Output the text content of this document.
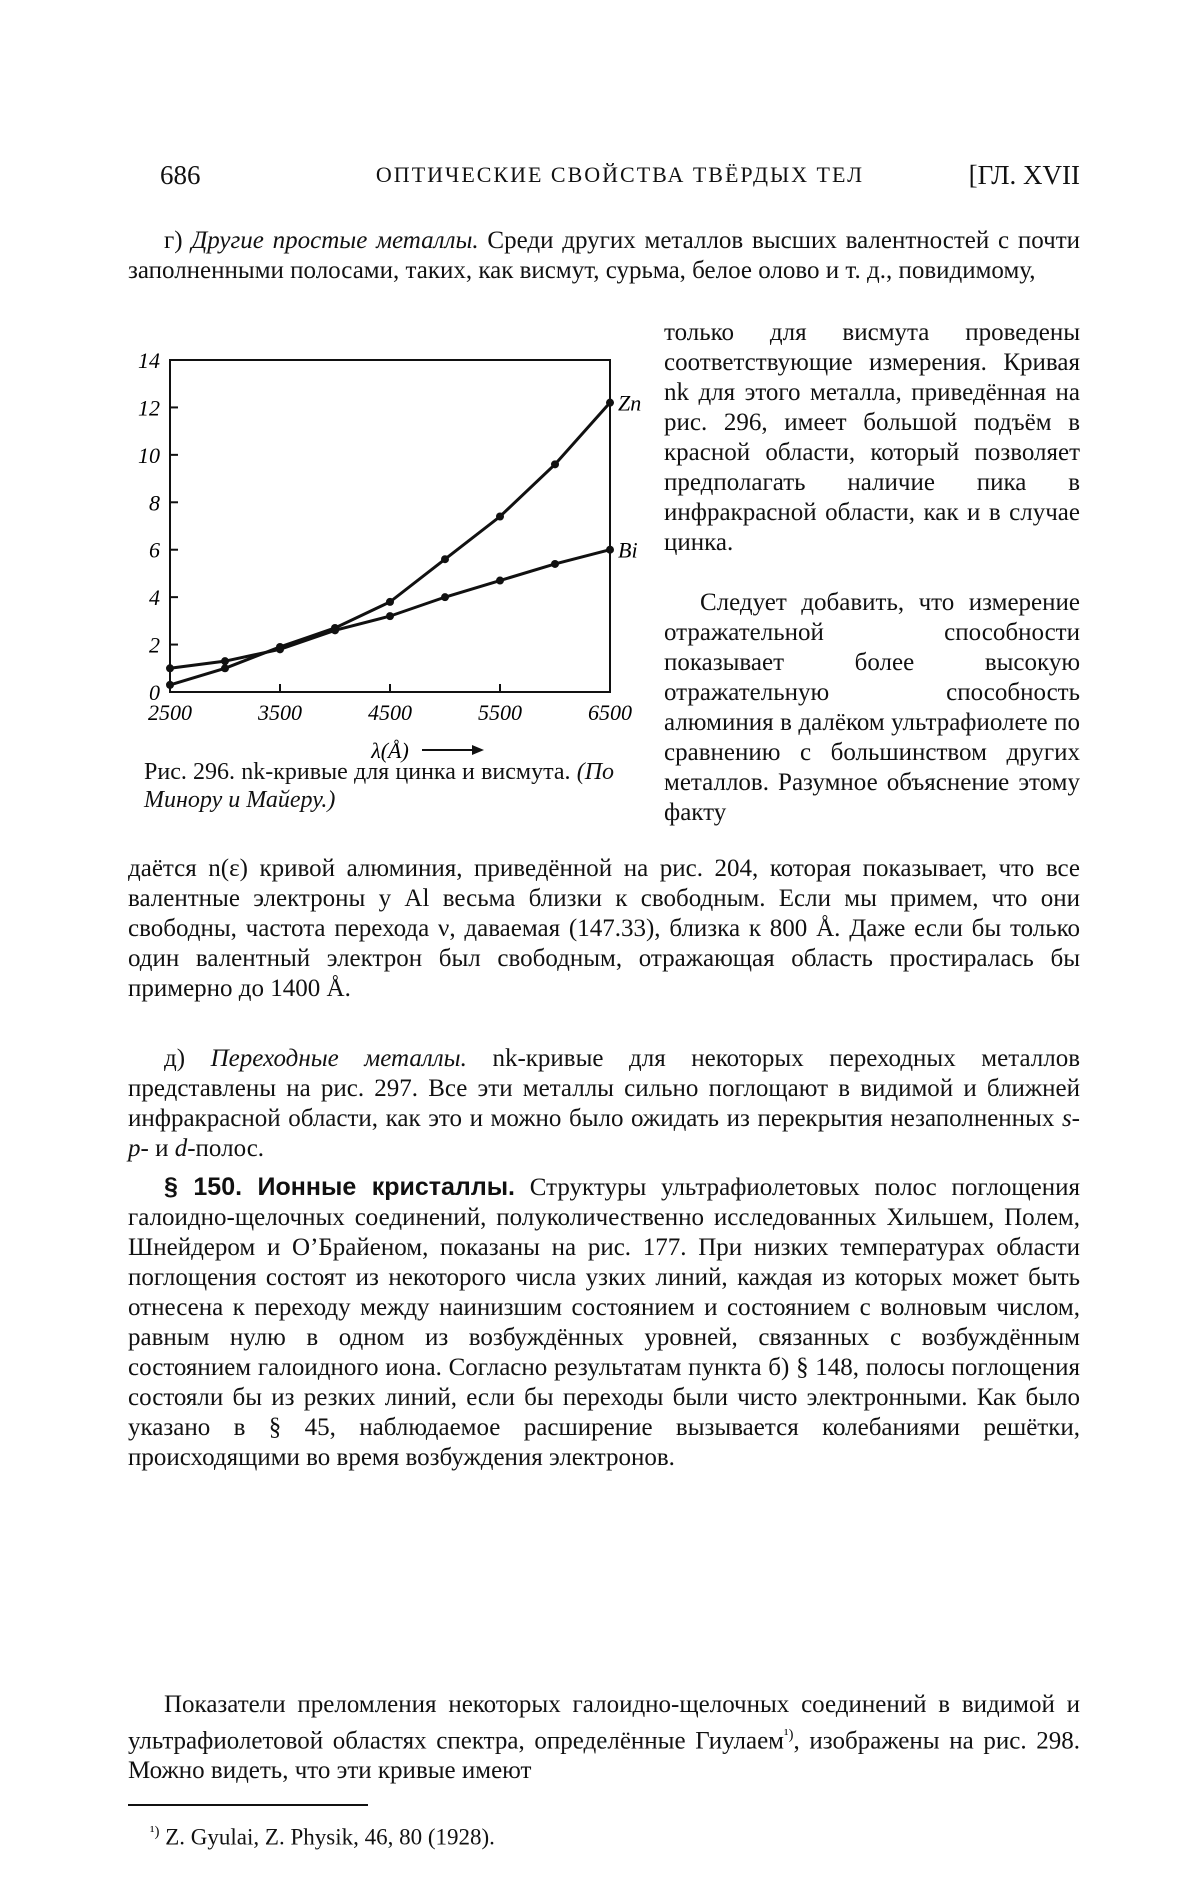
686	ОПТИЧЕСКИЕ СВОЙСТВА ТВЁРДЫХ ТЕЛ	[ГЛ. XVII
г) Другие простые металлы. Среди других металлов высших валентностей с почти заполненными полосами, таких, как висмут, сурьма, белое олово и т. д., повидимому,
только для висмута проведены соответствующие измерения. Кривая nk для этого металла, приведённая на рис. 296, имеет большой подъём в красной области, который позволяет предполагать наличие пика в инфракрасной области, как и в случае цинка.
Следует добавить, что измерение отражательной способности показывает более высокую отражательную способность алюминия в далёком ультрафиолете по сравнению с большинством других металлов. Разумное объяснение этому факту
0
2
4
6
8
10
12
14
2500	3500	4500	5500	6500
λ(Å)
Zn
Bi
Рис. 296. nk-кривые для цинка и висмута. (По Минору и Майеру.)
даётся n(ε) кривой алюминия, приведённой на рис. 204, которая показывает, что все валентные электроны у Al весьма близки к свободным. Если мы примем, что они свободны, частота перехода ν, даваемая (147.33), близка к 800 Å. Даже если бы только один валентный электрон был свободным, отражающая область простиралась бы примерно до 1400 Å.
д) Переходные металлы. nk-кривые для некоторых переходных металлов представлены на рис. 297. Все эти металлы сильно поглощают в видимой и ближней инфракрасной области, как это и можно было ожидать из перекрытия незаполненных s-p- и d-полос.
§ 150. Ионные кристаллы. Структуры ультрафиолетовых полос поглощения галоидно-щелочных соединений, полуколичественно исследованных Хильшем, Полем, Шнейдером и О’Брайеном, показаны на рис. 177. При низких температурах области поглощения состоят из некоторого числа узких линий, каждая из которых может быть отнесена к переходу между наинизшим состоянием и состоянием с волновым числом, равным нулю в одном из возбуждённых уровней, связанных с возбуждённым состоянием галоидного иона. Согласно результатам пункта б) § 148, полосы поглощения состояли бы из резких линий, если бы переходы были чисто электронными. Как было указано в § 45, наблюдаемое расширение вызывается колебаниями решётки, происходящими во время возбуждения электронов.
Показатели преломления некоторых галоидно-щелочных соединений в видимой и ультрафиолетовой областях спектра, определённые Гиулаем$^{^1)}$, изображены на рис. 298. Можно видеть, что эти кривые имеют
$^{^1)}$ Z. Gyulai, Z. Physik, 46, 80 (1928).
